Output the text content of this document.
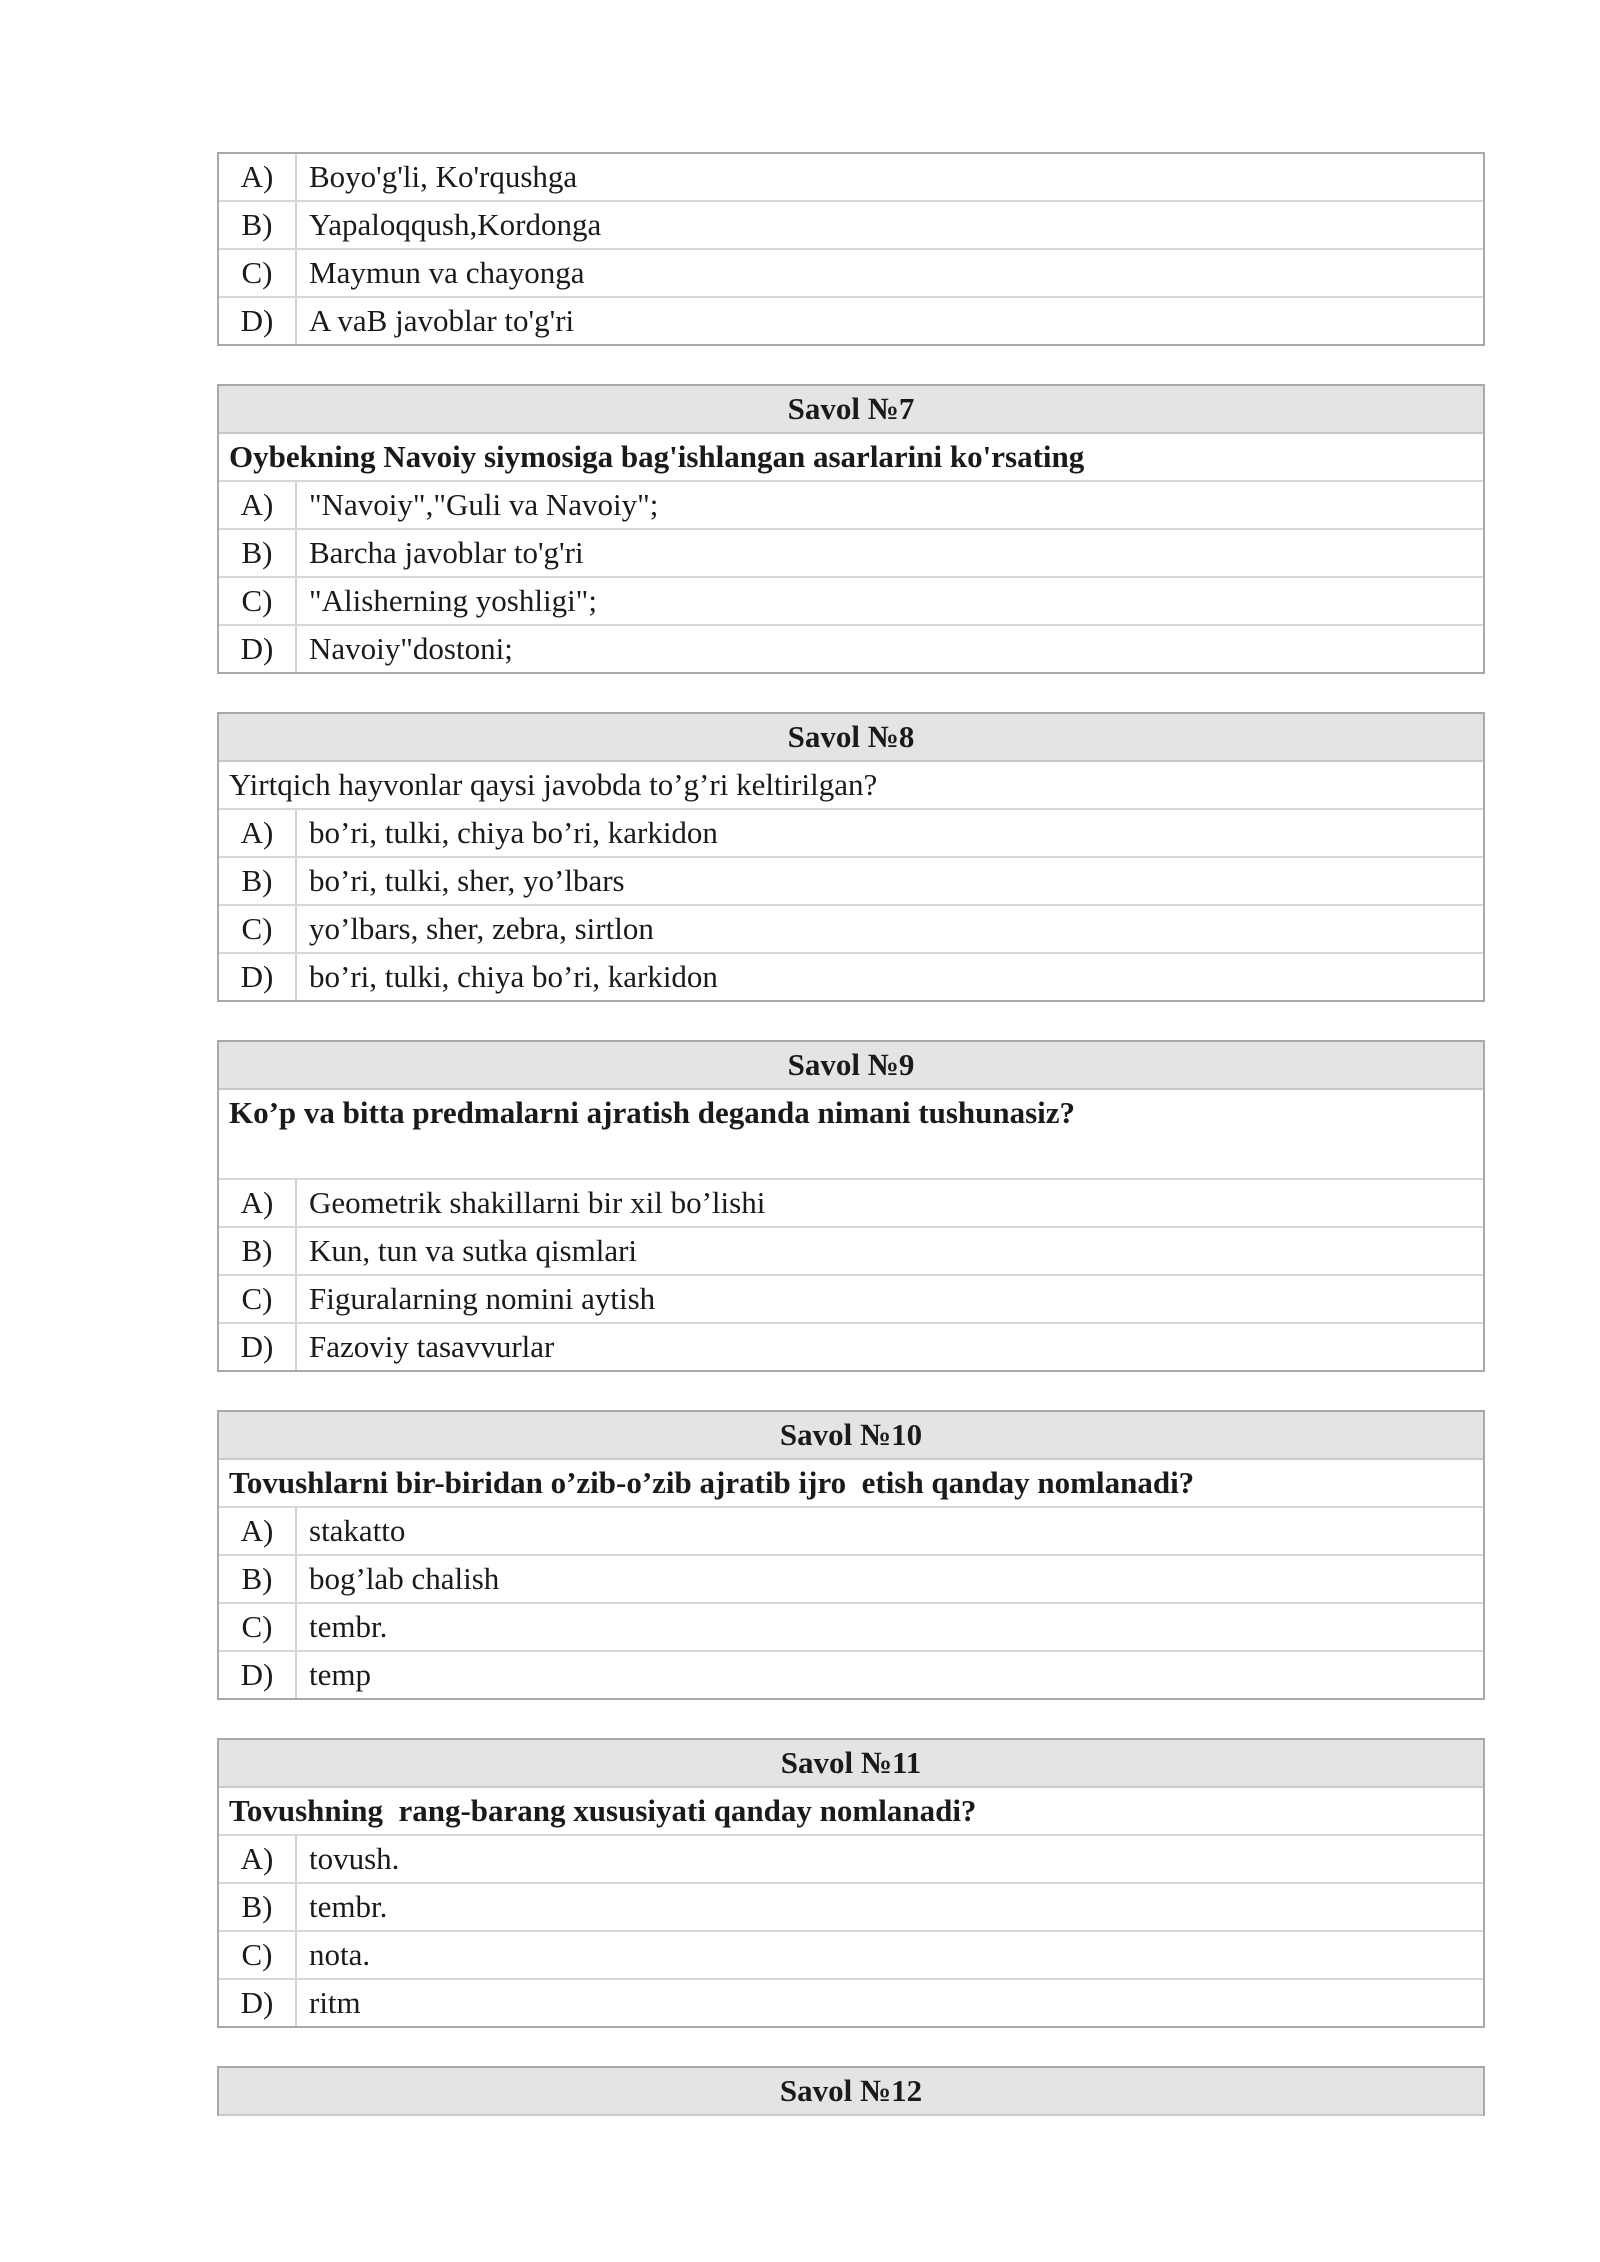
A)	Boyo'g'li, Ko'rqushga
B)	Yapaloqqush,Kordonga
C)	Maymun va chayonga
D)	A vaB javoblar to'g'ri
Savol №7
Oybekning Navoiy siymosiga bag'ishlangan asarlarini ko'rsating
A)	"Navoiy","Guli va Navoiy";
B)	Barcha javoblar to'g'ri
C)	"Alisherning yoshligi";
D)	Navoiy"dostoni;
Savol №8
Yirtqich hayvonlar qaysi javobda to’g’ri keltirilgan?
A)	bo’ri, tulki, chiya bo’ri, karkidon
B)	bo’ri, tulki, sher, yo’lbars
C)	yo’lbars, sher, zebra, sirtlon
D)	bo’ri, tulki, chiya bo’ri, karkidon
Savol №9
Ko’p va bitta predmalarni ajratish deganda nimani tushunasiz?
A)	Geometrik shakillarni bir xil bo’lishi
B)	Kun, tun va sutka qismlari
C)	Figuralarning nomini aytish
D)	Fazoviy tasavvurlar
Savol №10
Tovushlarni bir-biridan o’zib-o’zib ajratib ijro  etish qanday nomlanadi?
A)	stakatto
B)	bog’lab chalish
C)	tembr.
D)	temp
Savol №11
Tovushning  rang-barang xususiyati qanday nomlanadi?
A)	tovush.
B)	tembr.
C)	nota.
D)	ritm
Savol №12
